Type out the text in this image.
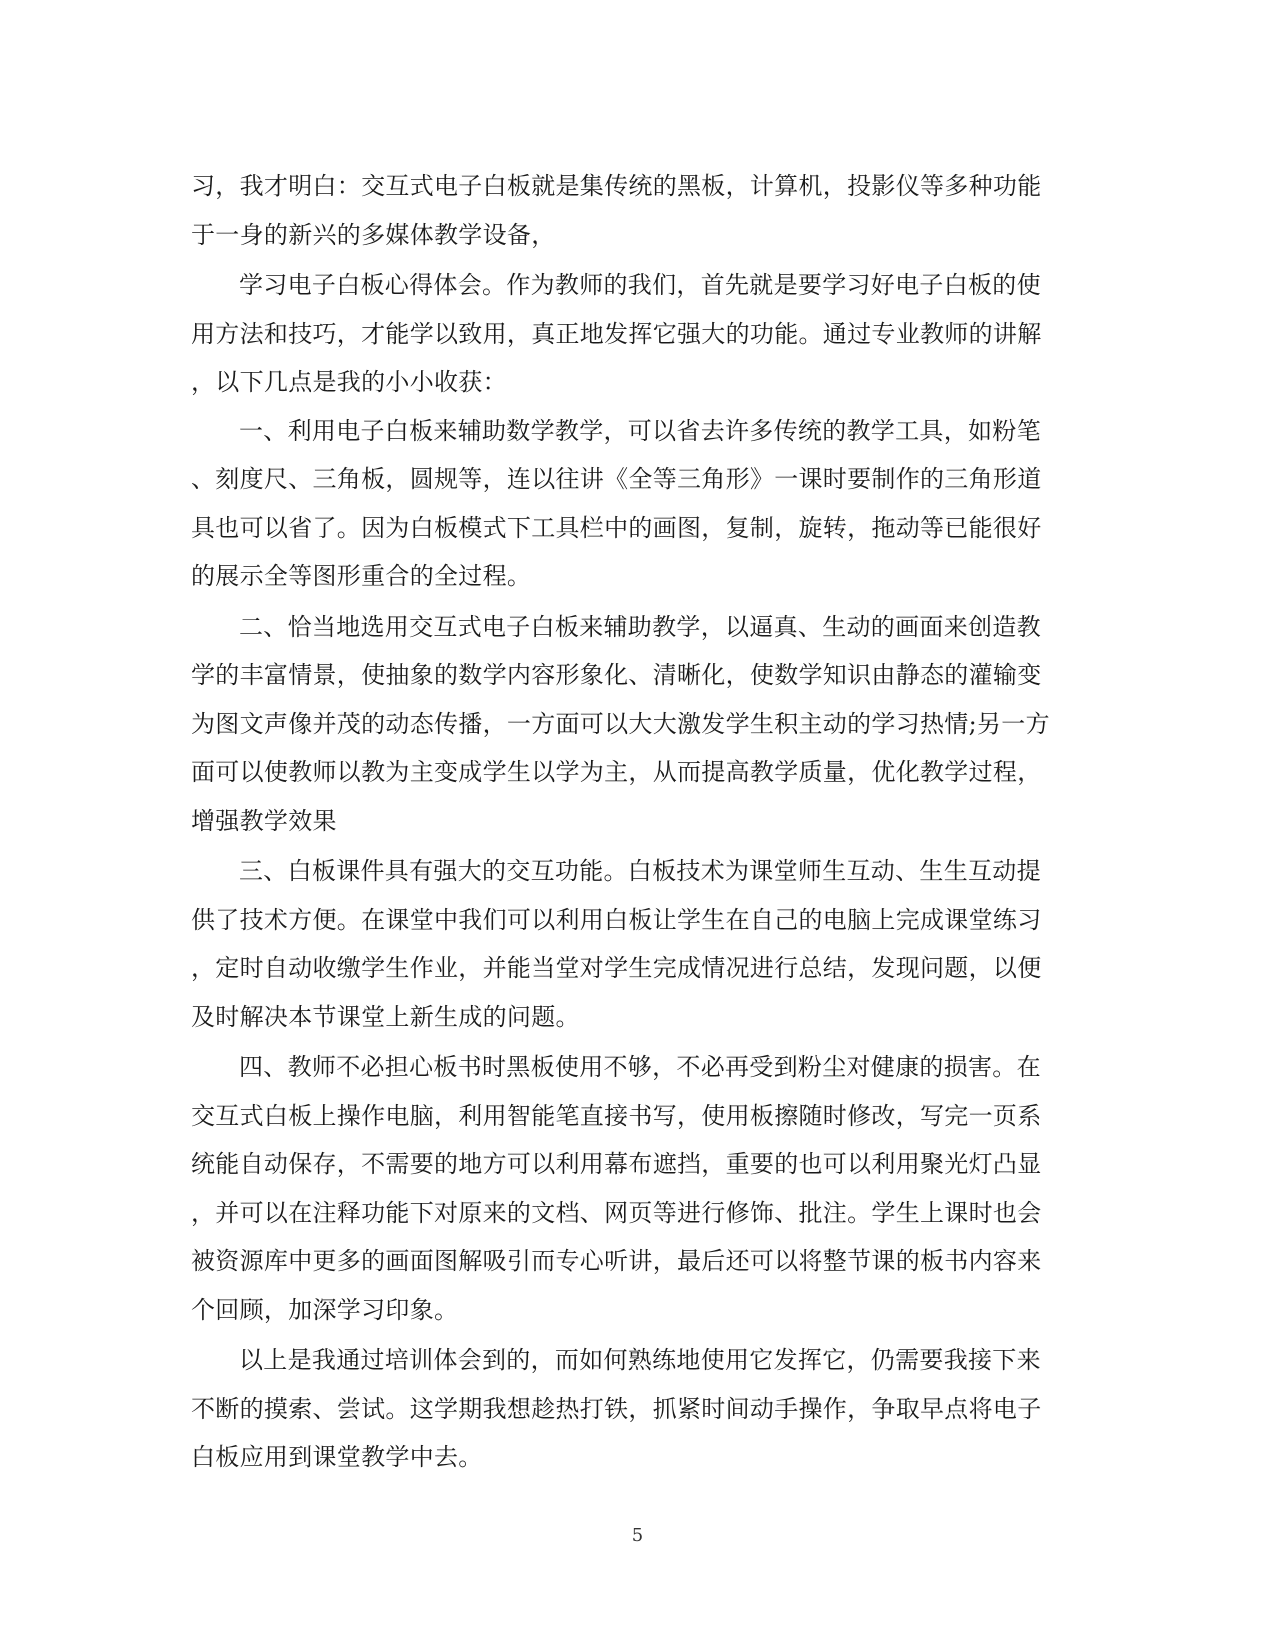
习，我才明白：交互式电子白板就是集传统的黑板，计算机，投影仪等多种功能
于一身的新兴的多媒体教学设备，
学习电子白板心得体会。作为教师的我们，首先就是要学习好电子白板的使
用方法和技巧，才能学以致用，真正地发挥它强大的功能。通过专业教师的讲解
，以下几点是我的小小收获：
一、利用电子白板来辅助数学教学，可以省去许多传统的教学工具，如粉笔
、刻度尺、三角板，圆规等，连以往讲《全等三角形》一课时要制作的三角形道
具也可以省了。因为白板模式下工具栏中的画图，复制，旋转，拖动等已能很好
的展示全等图形重合的全过程。
二、恰当地选用交互式电子白板来辅助教学，以逼真、生动的画面来创造教
学的丰富情景，使抽象的数学内容形象化、清晰化，使数学知识由静态的灌输变
为图文声像并茂的动态传播，一方面可以大大激发学生积主动的学习热情;另一方
面可以使教师以教为主变成学生以学为主，从而提高教学质量，优化教学过程，
增强教学效果
三、白板课件具有强大的交互功能。白板技术为课堂师生互动、生生互动提
供了技术方便。在课堂中我们可以利用白板让学生在自己的电脑上完成课堂练习
，定时自动收缴学生作业，并能当堂对学生完成情况进行总结，发现问题，以便
及时解决本节课堂上新生成的问题。
四、教师不必担心板书时黑板使用不够，不必再受到粉尘对健康的损害。在
交互式白板上操作电脑，利用智能笔直接书写，使用板擦随时修改，写完一页系
统能自动保存，不需要的地方可以利用幕布遮挡，重要的也可以利用聚光灯凸显
，并可以在注释功能下对原来的文档、网页等进行修饰、批注。学生上课时也会
被资源库中更多的画面图解吸引而专心听讲，最后还可以将整节课的板书内容来
个回顾，加深学习印象。
以上是我通过培训体会到的，而如何熟练地使用它发挥它，仍需要我接下来
不断的摸索、尝试。这学期我想趁热打铁，抓紧时间动手操作，争取早点将电子
白板应用到课堂教学中去。
5
